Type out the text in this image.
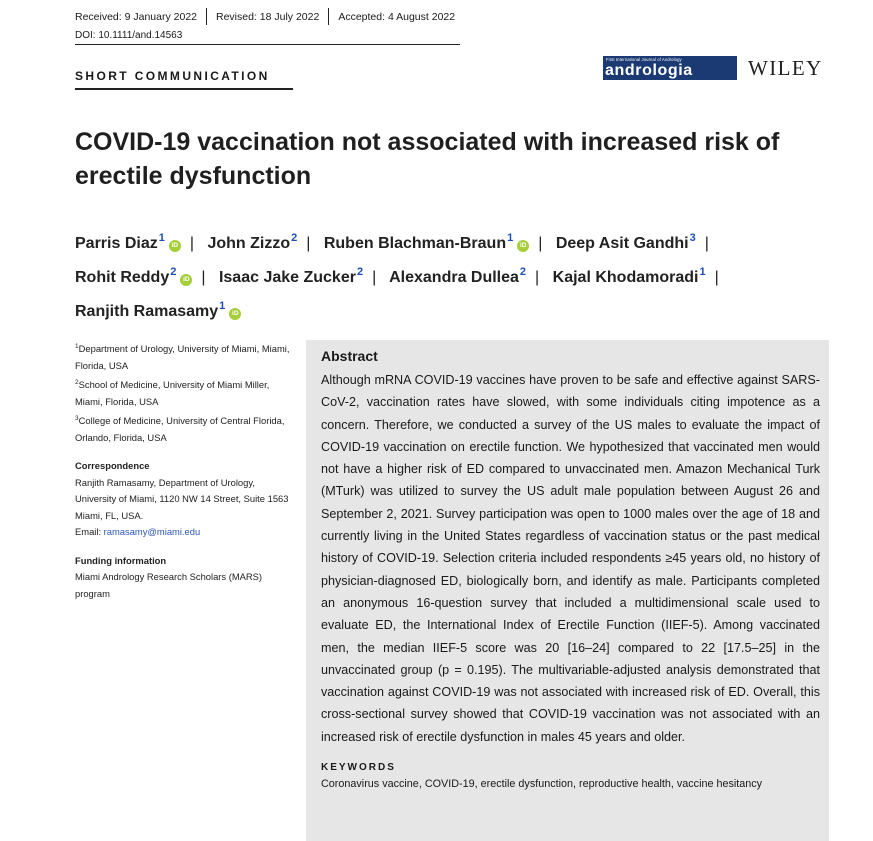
Received: 9 January 2022 Revised: 18 July 2022 Accepted: 4 August 2022
DOI: 10.1111/and.14563
SHORT COMMUNICATION
First International Journal of Andrology
andrologia	WILEY
COVID-19 vaccination not associated with increased risk of erectile dysfunction
Parris Diaz$^1$iD | John Zizzo$^2$ | Ruben Blachman-Braun$^1$iD | Deep Asit Gandhi$^3$ |
Rohit Reddy$^2$iD | Isaac Jake Zucker$^2$ | Alexandra Dullea$^2$ | Kajal Khodamoradi$^1$ |
Ranjith Ramasamy$^1$iD
$^1$Department of Urology, University of Miami, Miami, Florida, USA
$^2$School of Medicine, University of Miami Miller, Miami, Florida, USA
$^3$College of Medicine, University of Central Florida, Orlando, Florida, USA
Correspondence
Ranjith Ramasamy, Department of Urology, University of Miami, 1120 NW 14 Street, Suite 1563 Miami, FL, USA.
Email: ramasamy@miami.edu
Funding information
Miami Andrology Research Scholars (MARS) program
Abstract

Although mRNA COVID-19 vaccines have proven to be safe and effective against SARS-CoV-2, vaccination rates have slowed, with some individuals citing impotence as a concern. Therefore, we conducted a survey of the US males to evaluate the impact of COVID-19 vaccination on erectile function. We hypothesized that vaccinated men would not have a higher risk of ED compared to unvaccinated men. Amazon Mechanical Turk (MTurk) was utilized to survey the US adult male population between August 26 and September 2, 2021. Survey participation was open to 1000 males over the age of 18 and currently living in the United States regardless of vaccination status or the past medical history of COVID-19. Selection criteria included respondents ≥45 years old, no history of physician-diagnosed ED, biologically born, and identify as male. Participants completed an anonymous 16-question survey that included a multidimensional scale used to evaluate ED, the International Index of Erectile Function (IIEF-5). Among vaccinated men, the median IIEF-5 score was 20 [16–24] compared to 22 [17.5–25] in the unvaccinated group (p = 0.195). The multivariable-adjusted analysis demonstrated that vaccination against COVID-19 was not associated with increased risk of ED. Overall, this cross-sectional survey showed that COVID-19 vaccination was not associated with an increased risk of erectile dysfunction in males 45 years and older.

KEYWORDS
Coronavirus vaccine, COVID-19, erectile dysfunction, reproductive health, vaccine hesitancy
